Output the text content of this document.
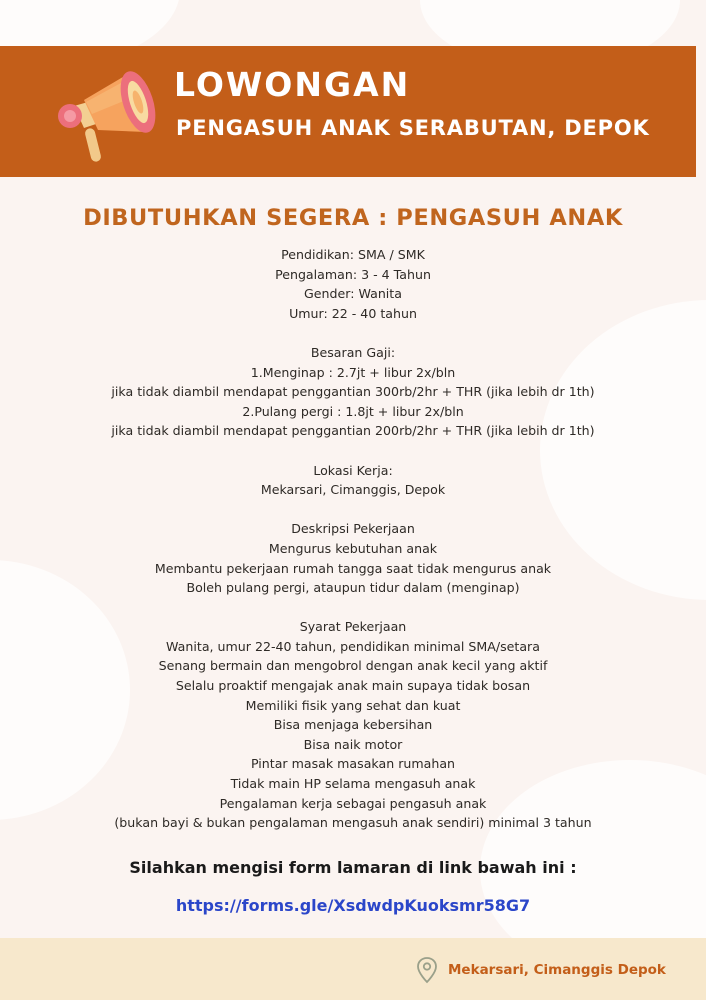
LOWONGAN
PENGASUH ANAK SERABUTAN, DEPOK
DIBUTUHKAN SEGERA : PENGASUH ANAK
Pendidikan: SMA / SMK
Pengalaman: 3 - 4 Tahun
Gender: Wanita
Umur: 22 - 40 tahun
Besaran Gaji:
1.Menginap : 2.7jt + libur 2x/bln
jika tidak diambil mendapat penggantian 300rb/2hr + THR (jika lebih dr 1th)
2.Pulang pergi : 1.8jt + libur 2x/bln
jika tidak diambil mendapat penggantian 200rb/2hr + THR (jika lebih dr 1th)
Lokasi Kerja:
Mekarsari, Cimanggis, Depok
Deskripsi Pekerjaan
Mengurus kebutuhan anak
Membantu pekerjaan rumah tangga saat tidak mengurus anak
Boleh pulang pergi, ataupun tidur dalam (menginap)
Syarat Pekerjaan
Wanita, umur 22-40 tahun, pendidikan minimal SMA/setara
Senang bermain dan mengobrol dengan anak kecil yang aktif
Selalu proaktif mengajak anak main supaya tidak bosan
Memiliki fisik yang sehat dan kuat
Bisa menjaga kebersihan
Bisa naik motor
Pintar masak masakan rumahan
Tidak main HP selama mengasuh anak
Pengalaman kerja sebagai pengasuh anak
(bukan bayi & bukan pengalaman mengasuh anak sendiri) minimal 3 tahun

Silahkan mengisi form lamaran di link bawah ini :

https://forms.gle/XsdwdpKuoksmr58G7

Mekarsari, Cimanggis Depok
